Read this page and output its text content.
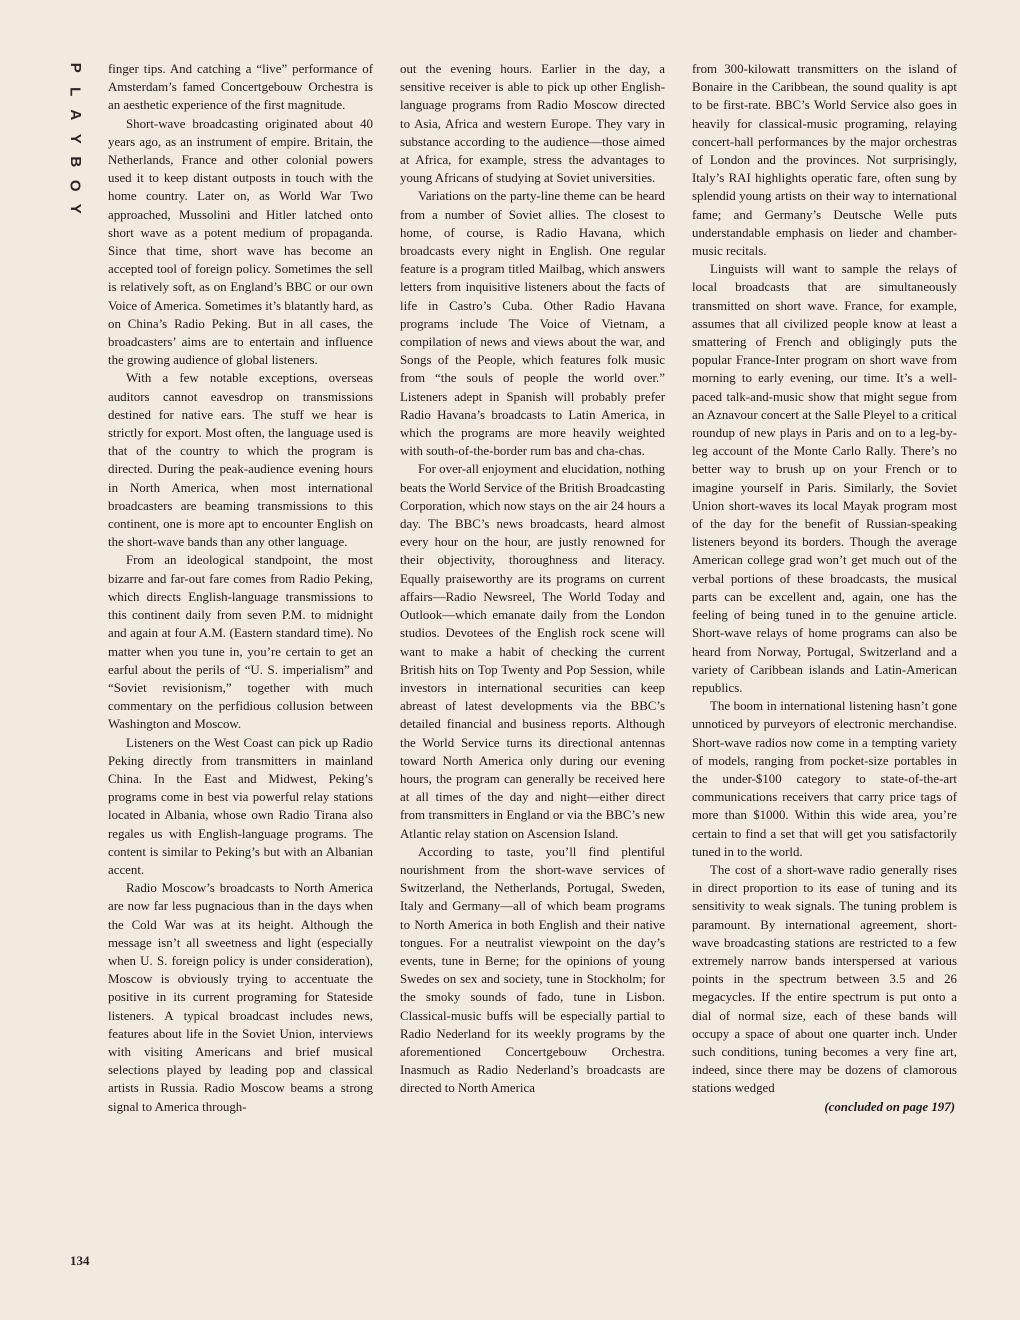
P
L
A
Y
B
O
Y

finger tips. And catching a “live” performance of Amsterdam’s famed Concertgebouw Orchestra is an aesthetic experience of the first magnitude.

Short-wave broadcasting originated about 40 years ago, as an instrument of empire. Britain, the Netherlands, France and other colonial powers used it to keep distant outposts in touch with the home country. Later on, as World War Two approached, Mussolini and Hitler latched onto short wave as a potent medium of propaganda. Since that time, short wave has become an accepted tool of foreign policy. Sometimes the sell is relatively soft, as on England’s BBC or our own Voice of America. Sometimes it’s blatantly hard, as on China’s Radio Peking. But in all cases, the broadcasters’ aims are to entertain and influence the growing audience of global listeners.

With a few notable exceptions, overseas auditors cannot eavesdrop on transmissions destined for native ears. The stuff we hear is strictly for export. Most often, the language used is that of the country to which the program is directed. During the peak-audience evening hours in North America, when most international broadcasters are beaming transmissions to this continent, one is more apt to encounter English on the short-wave bands than any other language.

From an ideological standpoint, the most bizarre and far-out fare comes from Radio Peking, which directs English-language transmissions to this continent daily from seven P.M. to midnight and again at four A.M. (Eastern standard time). No matter when you tune in, you’re certain to get an earful about the perils of “U. S. imperialism” and “Soviet revisionism,” together with much commentary on the perfidious collusion between Washington and Moscow.

Listeners on the West Coast can pick up Radio Peking directly from transmitters in mainland China. In the East and Midwest, Peking’s programs come in best via powerful relay stations located in Albania, whose own Radio Tirana also regales us with English-language programs. The content is similar to Peking’s but with an Albanian accent.

Radio Moscow’s broadcasts to North America are now far less pugnacious than in the days when the Cold War was at its height. Although the message isn’t all sweetness and light (especially when U. S. foreign policy is under consideration), Moscow is obviously trying to accentuate the positive in its current programing for Stateside listeners. A typical broadcast includes news, features about life in the Soviet Union, interviews with visiting Americans and brief musical selections played by leading pop and classical artists in Russia. Radio Moscow beams a strong signal to America through-

out the evening hours. Earlier in the day, a sensitive receiver is able to pick up other English-language programs from Radio Moscow directed to Asia, Africa and western Europe. They vary in substance according to the audience—those aimed at Africa, for example, stress the advantages to young Africans of studying at Soviet universities.

Variations on the party-line theme can be heard from a number of Soviet allies. The closest to home, of course, is Radio Havana, which broadcasts every night in English. One regular feature is a program titled Mailbag, which answers letters from inquisitive listeners about the facts of life in Castro’s Cuba. Other Radio Havana programs include The Voice of Vietnam, a compilation of news and views about the war, and Songs of the People, which features folk music from “the souls of people the world over.” Listeners adept in Spanish will probably prefer Radio Havana’s broadcasts to Latin America, in which the programs are more heavily weighted with south-of-the-border rum bas and cha-chas.

For over-all enjoyment and elucidation, nothing beats the World Service of the British Broadcasting Corporation, which now stays on the air 24 hours a day. The BBC’s news broadcasts, heard almost every hour on the hour, are justly renowned for their objectivity, thoroughness and literacy. Equally praiseworthy are its programs on current affairs—Radio Newsreel, The World Today and Outlook—which emanate daily from the London studios. Devotees of the English rock scene will want to make a habit of checking the current British hits on Top Twenty and Pop Session, while investors in international securities can keep abreast of latest developments via the BBC’s detailed financial and business reports. Although the World Service turns its directional antennas toward North America only during our evening hours, the program can generally be received here at all times of the day and night—either direct from transmitters in England or via the BBC’s new Atlantic relay station on Ascension Island.

According to taste, you’ll find plentiful nourishment from the short-wave services of Switzerland, the Netherlands, Portugal, Sweden, Italy and Germany—all of which beam programs to North America in both English and their native tongues. For a neutralist viewpoint on the day’s events, tune in Berne; for the opinions of young Swedes on sex and society, tune in Stockholm; for the smoky sounds of fado, tune in Lisbon. Classical-music buffs will be especially partial to Radio Nederland for its weekly programs by the aforementioned Concertgebouw Orchestra. Inasmuch as Radio Nederland’s broadcasts are directed to North America

from 300-kilowatt transmitters on the island of Bonaire in the Caribbean, the sound quality is apt to be first-rate. BBC’s World Service also goes in heavily for classical-music programing, relaying concert-hall performances by the major orchestras of London and the provinces. Not surprisingly, Italy’s RAI highlights operatic fare, often sung by splendid young artists on their way to international fame; and Germany’s Deutsche Welle puts understandable emphasis on lieder and chamber-music recitals.

Linguists will want to sample the relays of local broadcasts that are simultaneously transmitted on short wave. France, for example, assumes that all civilized people know at least a smattering of French and obligingly puts the popular France-Inter program on short wave from morning to early evening, our time. It’s a well-paced talk-and-music show that might segue from an Aznavour concert at the Salle Pleyel to a critical roundup of new plays in Paris and on to a leg-by-leg account of the Monte Carlo Rally. There’s no better way to brush up on your French or to imagine yourself in Paris. Similarly, the Soviet Union short-waves its local Mayak program most of the day for the benefit of Russian-speaking listeners beyond its borders. Though the average American college grad won’t get much out of the verbal portions of these broadcasts, the musical parts can be excellent and, again, one has the feeling of being tuned in to the genuine article. Short-wave relays of home programs can also be heard from Norway, Portugal, Switzerland and a variety of Caribbean islands and Latin-American republics.

The boom in international listening hasn’t gone unnoticed by purveyors of electronic merchandise. Short-wave radios now come in a tempting variety of models, ranging from pocket-size portables in the under-$100 category to state-of-the-art communications receivers that carry price tags of more than $1000. Within this wide area, you’re certain to find a set that will get you satisfactorily tuned in to the world.

The cost of a short-wave radio generally rises in direct proportion to its ease of tuning and its sensitivity to weak signals. The tuning problem is paramount. By international agreement, short-wave broadcasting stations are restricted to a few extremely narrow bands interspersed at various points in the spectrum between 3.5 and 26 megacycles. If the entire spectrum is put onto a dial of normal size, each of these bands will occupy a space of about one quarter inch. Under such conditions, tuning becomes a very fine art, indeed, since there may be dozens of clamorous stations wedged

(concluded on page 197)

134
